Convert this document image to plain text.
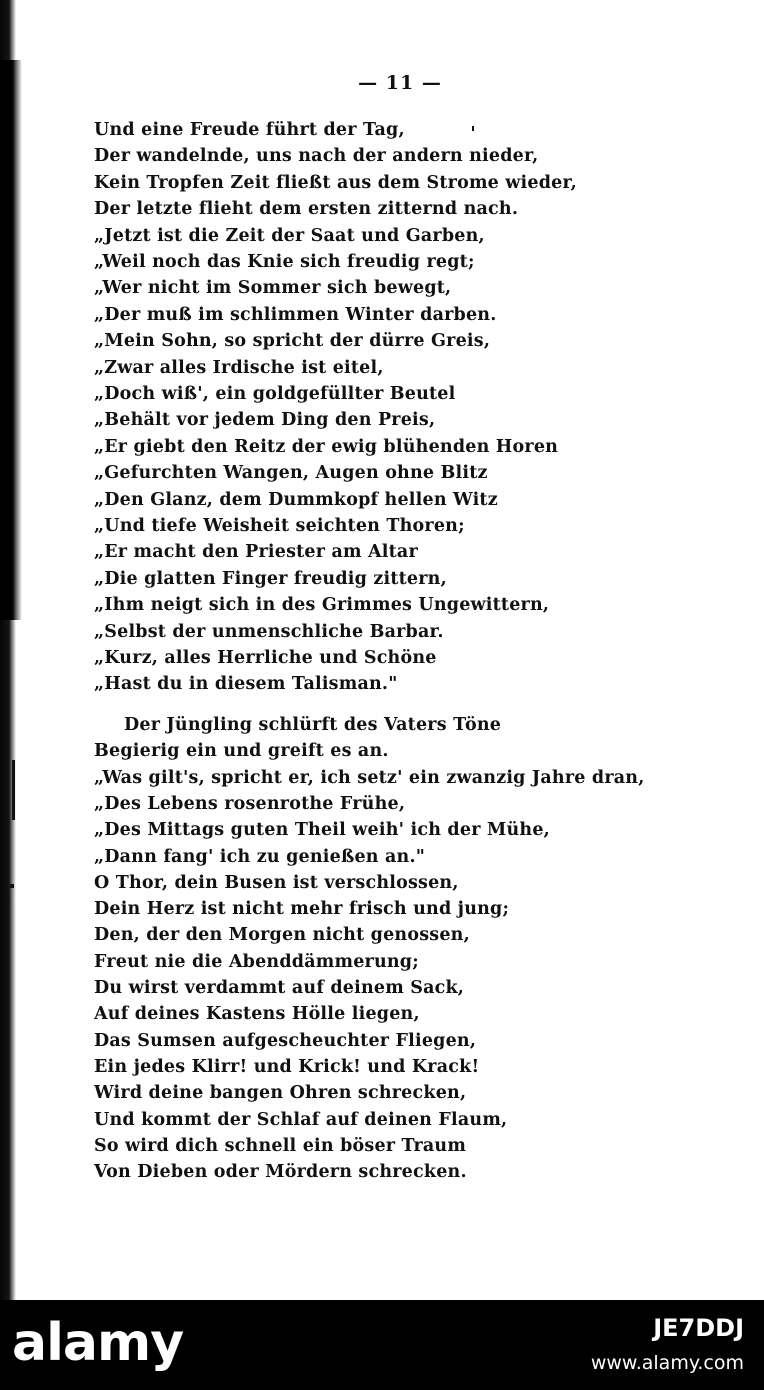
— 11 —
Und eine Freude führt der Tag,
Der wandelnde, uns nach der andern nieder,
Kein Tropfen Zeit fließt aus dem Strome wieder,
Der letzte flieht dem ersten zitternd nach.
„Jetzt ist die Zeit der Saat und Garben,
„Weil noch das Knie sich freudig regt;
„Wer nicht im Sommer sich bewegt,
„Der muß im schlimmen Winter darben.
„Mein Sohn, so spricht der dürre Greis,
„Zwar alles Irdische ist eitel,
„Doch wiß', ein goldgefüllter Beutel
„Behält vor jedem Ding den Preis,
„Er giebt den Reitz der ewig blühenden Horen
„Gefurchten Wangen, Augen ohne Blitz
„Den Glanz, dem Dummkopf hellen Witz
„Und tiefe Weisheit seichten Thoren;
„Er macht den Priester am Altar
„Die glatten Finger freudig zittern,
„Ihm neigt sich in des Grimmes Ungewittern,
„Selbst der unmenschliche Barbar.
„Kurz, alles Herrliche und Schöne
„Hast du in diesem Talisman."
Der Jüngling schlürft des Vaters Töne
Begierig ein und greift es an.
„Was gilt's, spricht er, ich setz' ein zwanzig Jahre dran,
„Des Lebens rosenrothe Frühe,
„Des Mittags guten Theil weih' ich der Mühe,
„Dann fang' ich zu genießen an."
O Thor, dein Busen ist verschlossen,
Dein Herz ist nicht mehr frisch und jung;
Den, der den Morgen nicht genossen,
Freut nie die Abenddämmerung;
Du wirst verdammt auf deinem Sack,
Auf deines Kastens Hölle liegen,
Das Sumsen aufgescheuchter Fliegen,
Ein jedes Klirr! und Krick! und Krack!
Wird deine bangen Ohren schrecken,
Und kommt der Schlaf auf deinen Flaum,
So wird dich schnell ein böser Traum
Von Dieben oder Mördern schrecken.
alamy	JE7DDJ
www.alamy.com
